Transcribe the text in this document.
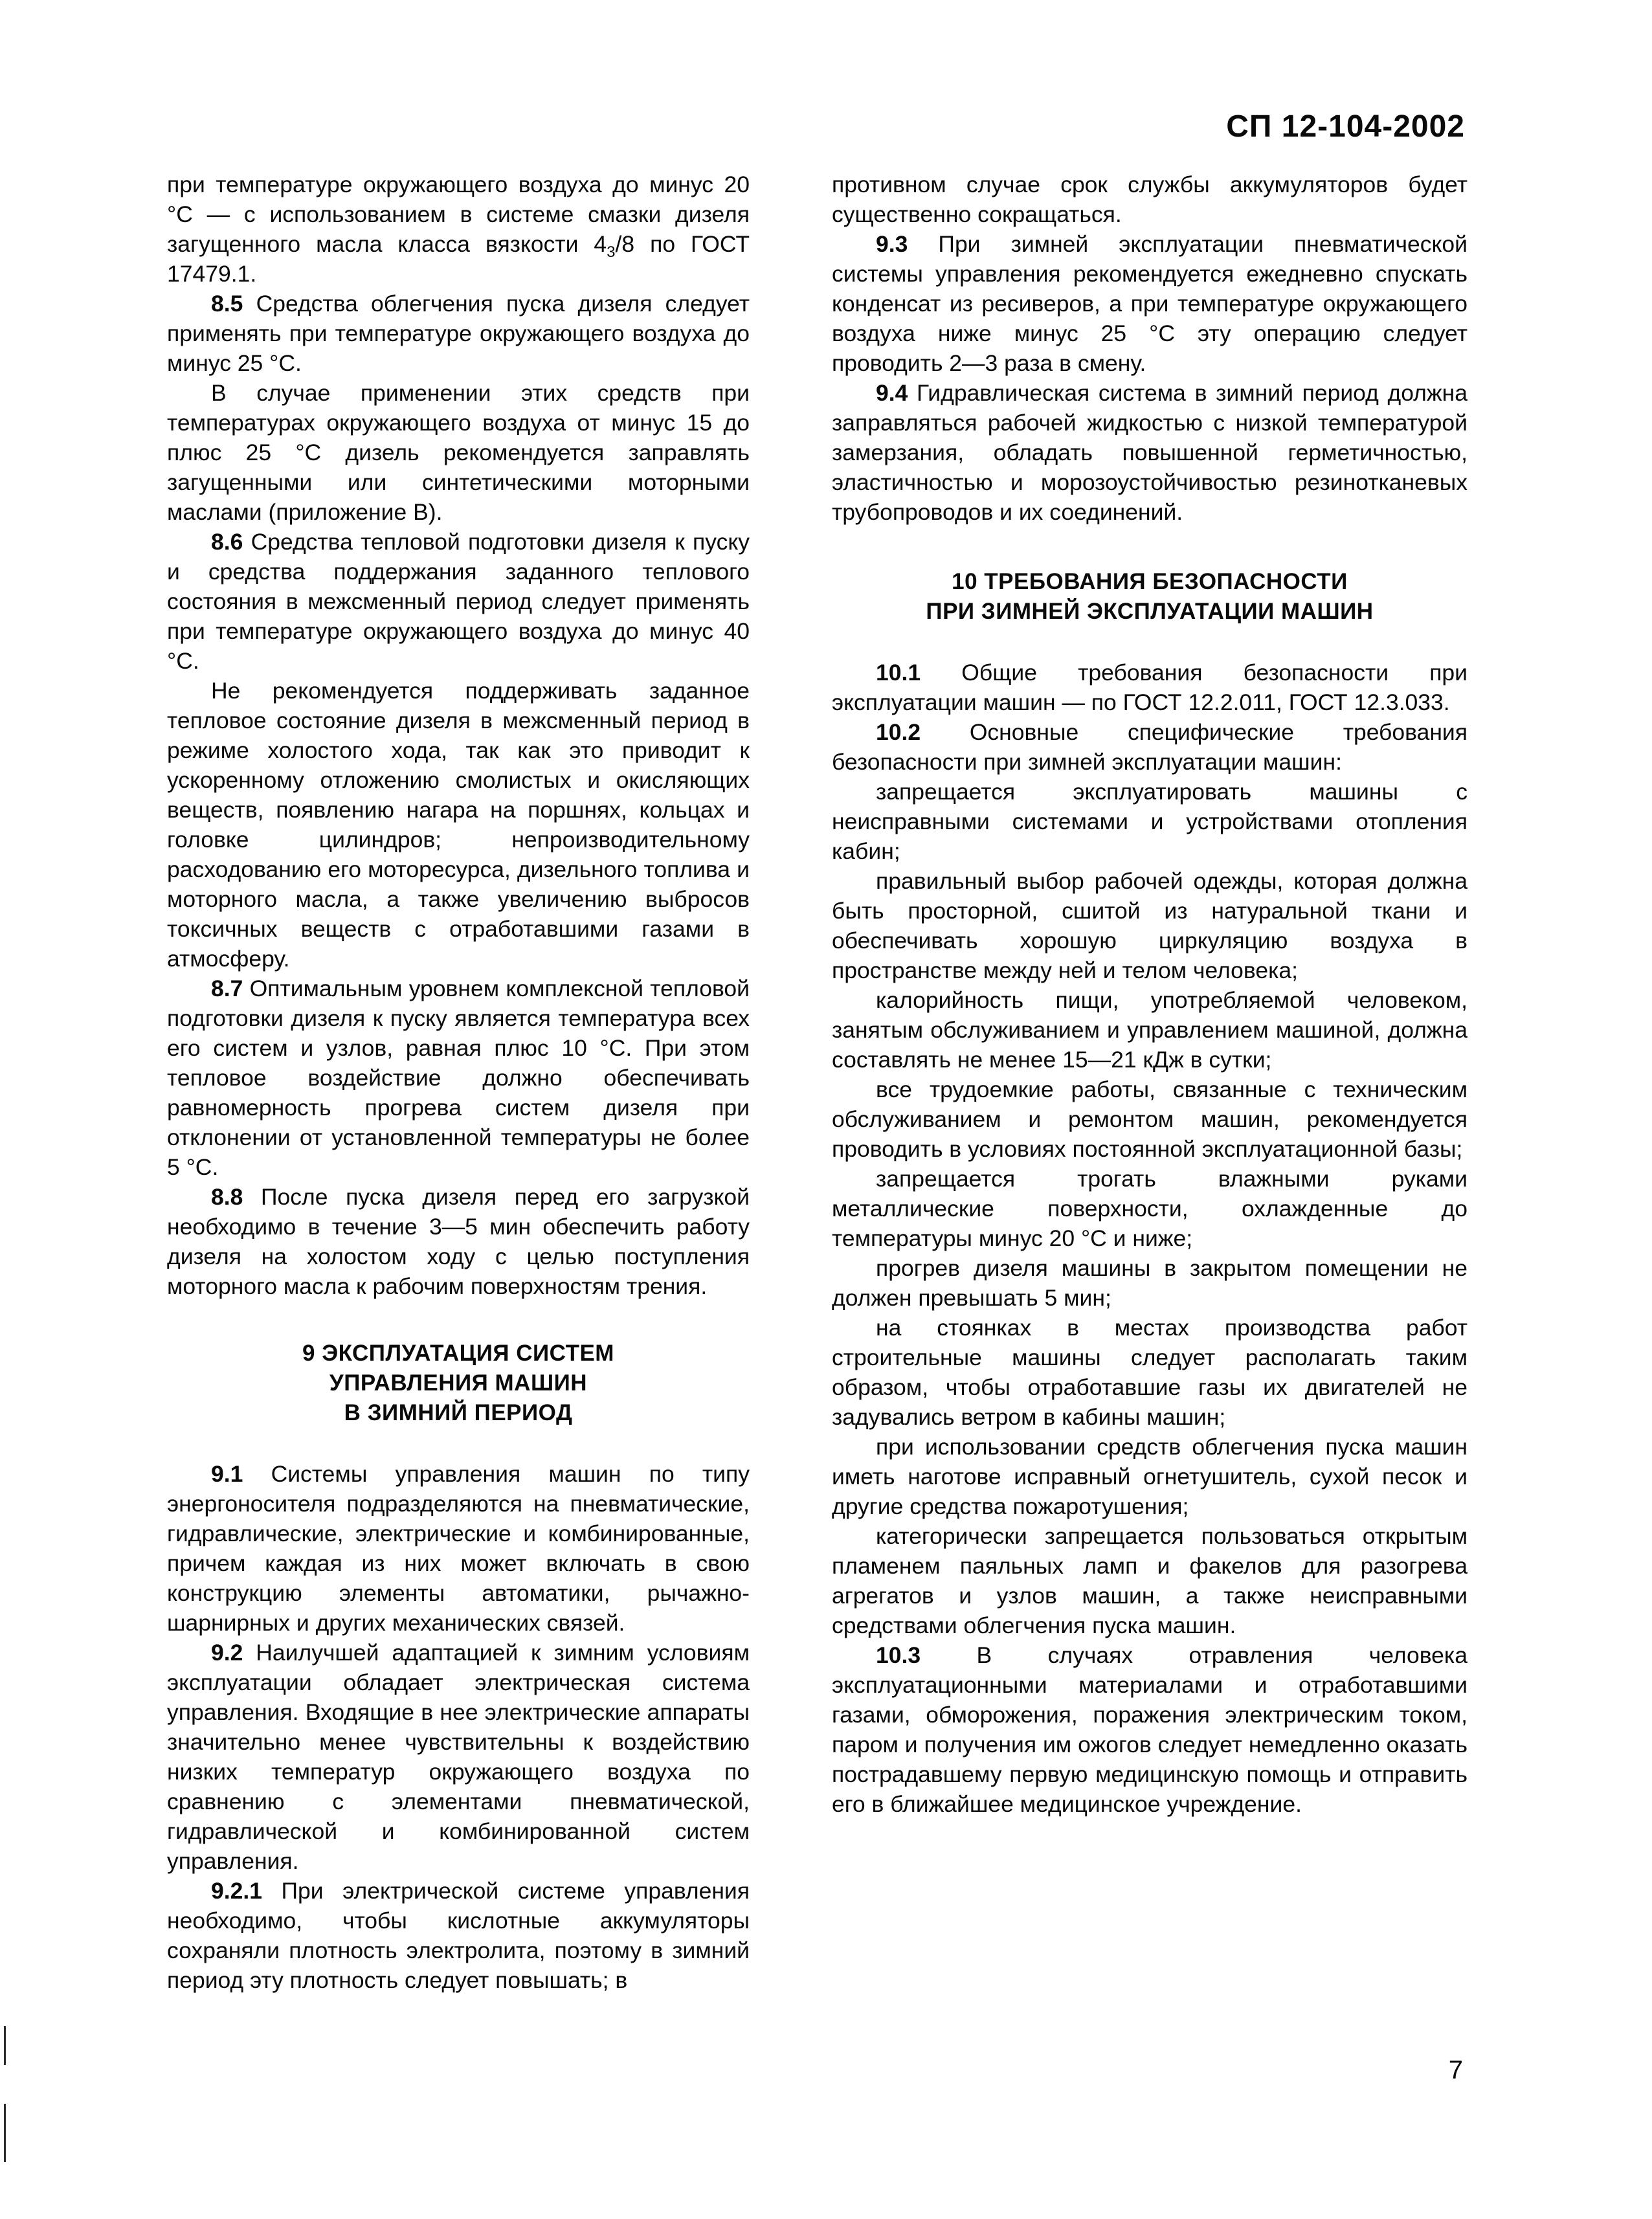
СП 12-104-2002

при температуре окружающего воздуха до минус 20 °С — с использованием в системе смазки дизеля загущенного масла класса вязкости $4_3/8$ по ГОСТ 17479.1.

8.5 Средства облегчения пуска дизеля следует применять при температуре окружающего воздуха до минус 25 °С.

В случае применении этих средств при температурах окружающего воздуха от минус 15 до плюс 25 °С дизель рекомендуется заправлять загущенными или синтетическими моторными маслами (приложение В).

8.6 Средства тепловой подготовки дизеля к пуску и средства поддержания заданного теплового состояния в межсменный период следует применять при температуре окружающего воздуха до минус 40 °С.

Не рекомендуется поддерживать заданное тепловое состояние дизеля в межсменный период в режиме холостого хода, так как это приводит к ускоренному отложению смолистых и окисляющих веществ, появлению нагара на поршнях, кольцах и головке цилиндров; непроизводительному расходованию его моторесурса, дизельного топлива и моторного масла, а также увеличению выбросов токсичных веществ с отработавшими газами в атмосферу.

8.7 Оптимальным уровнем комплексной тепловой подготовки дизеля к пуску является температура всех его систем и узлов, равная плюс 10 °С. При этом тепловое воздействие должно обеспечивать равномерность прогрева систем дизеля при отклонении от установленной температуры не более 5 °С.

8.8 После пуска дизеля перед его загрузкой необходимо в течение 3—5 мин обеспечить работу дизеля на холостом ходу с целью поступления моторного масла к рабочим поверхностям трения.

9 ЭКСПЛУАТАЦИЯ СИСТЕМ
УПРАВЛЕНИЯ МАШИН
В ЗИМНИЙ ПЕРИОД

9.1 Системы управления машин по типу энергоносителя подразделяются на пневматические, гидравлические, электрические и комбинированные, причем каждая из них может включать в свою конструкцию элементы автоматики, рычажно-шарнирных и других механических связей.

9.2 Наилучшей адаптацией к зимним условиям эксплуатации обладает электрическая система управления. Входящие в нее электрические аппараты значительно менее чувствительны к воздействию низких температур окружающего воздуха по сравнению с элементами пневматической, гидравлической и комбинированной систем управления.

9.2.1 При электрической системе управления необходимо, чтобы кислотные аккумуляторы сохраняли плотность электролита, поэтому в зимний период эту плотность следует повышать; в

противном случае срок службы аккумуляторов будет существенно сокращаться.

9.3 При зимней эксплуатации пневматической системы управления рекомендуется ежедневно спускать конденсат из ресиверов, а при температуре окружающего воздуха ниже минус 25 °С эту операцию следует проводить 2—3 раза в смену.

9.4 Гидравлическая система в зимний период должна заправляться рабочей жидкостью с низкой температурой замерзания, обладать повышенной герметичностью, эластичностью и морозоустойчивостью резинотканевых трубопроводов и их соединений.

10 ТРЕБОВАНИЯ БЕЗОПАСНОСТИ
ПРИ ЗИМНЕЙ ЭКСПЛУАТАЦИИ МАШИН

10.1 Общие требования безопасности при эксплуатации машин — по ГОСТ 12.2.011, ГОСТ 12.3.033.

10.2 Основные специфические требования безопасности при зимней эксплуатации машин:

запрещается эксплуатировать машины с неисправными системами и устройствами отопления кабин;

правильный выбор рабочей одежды, которая должна быть просторной, сшитой из натуральной ткани и обеспечивать хорошую циркуляцию воздуха в пространстве между ней и телом человека;

калорийность пищи, употребляемой человеком, занятым обслуживанием и управлением машиной, должна составлять не менее 15—21 кДж в сутки;

все трудоемкие работы, связанные с техническим обслуживанием и ремонтом машин, рекомендуется проводить в условиях постоянной эксплуатационной базы;

запрещается трогать влажными руками металлические поверхности, охлажденные до температуры минус 20 °С и ниже;

прогрев дизеля машины в закрытом помещении не должен превышать 5 мин;

на стоянках в местах производства работ строительные машины следует располагать таким образом, чтобы отработавшие газы их двигателей не задувались ветром в кабины машин;

при использовании средств облегчения пуска машин иметь наготове исправный огнетушитель, сухой песок и другие средства пожаротушения;

категорически запрещается пользоваться открытым пламенем паяльных ламп и факелов для разогрева агрегатов и узлов машин, а также неисправными средствами облегчения пуска машин.

10.3 В случаях отравления человека эксплуатационными материалами и отработавшими газами, обморожения, поражения электрическим током, паром и получения им ожогов следует немедленно оказать пострадавшему первую медицинскую помощь и отправить его в ближайшее медицинское учреждение.

7
